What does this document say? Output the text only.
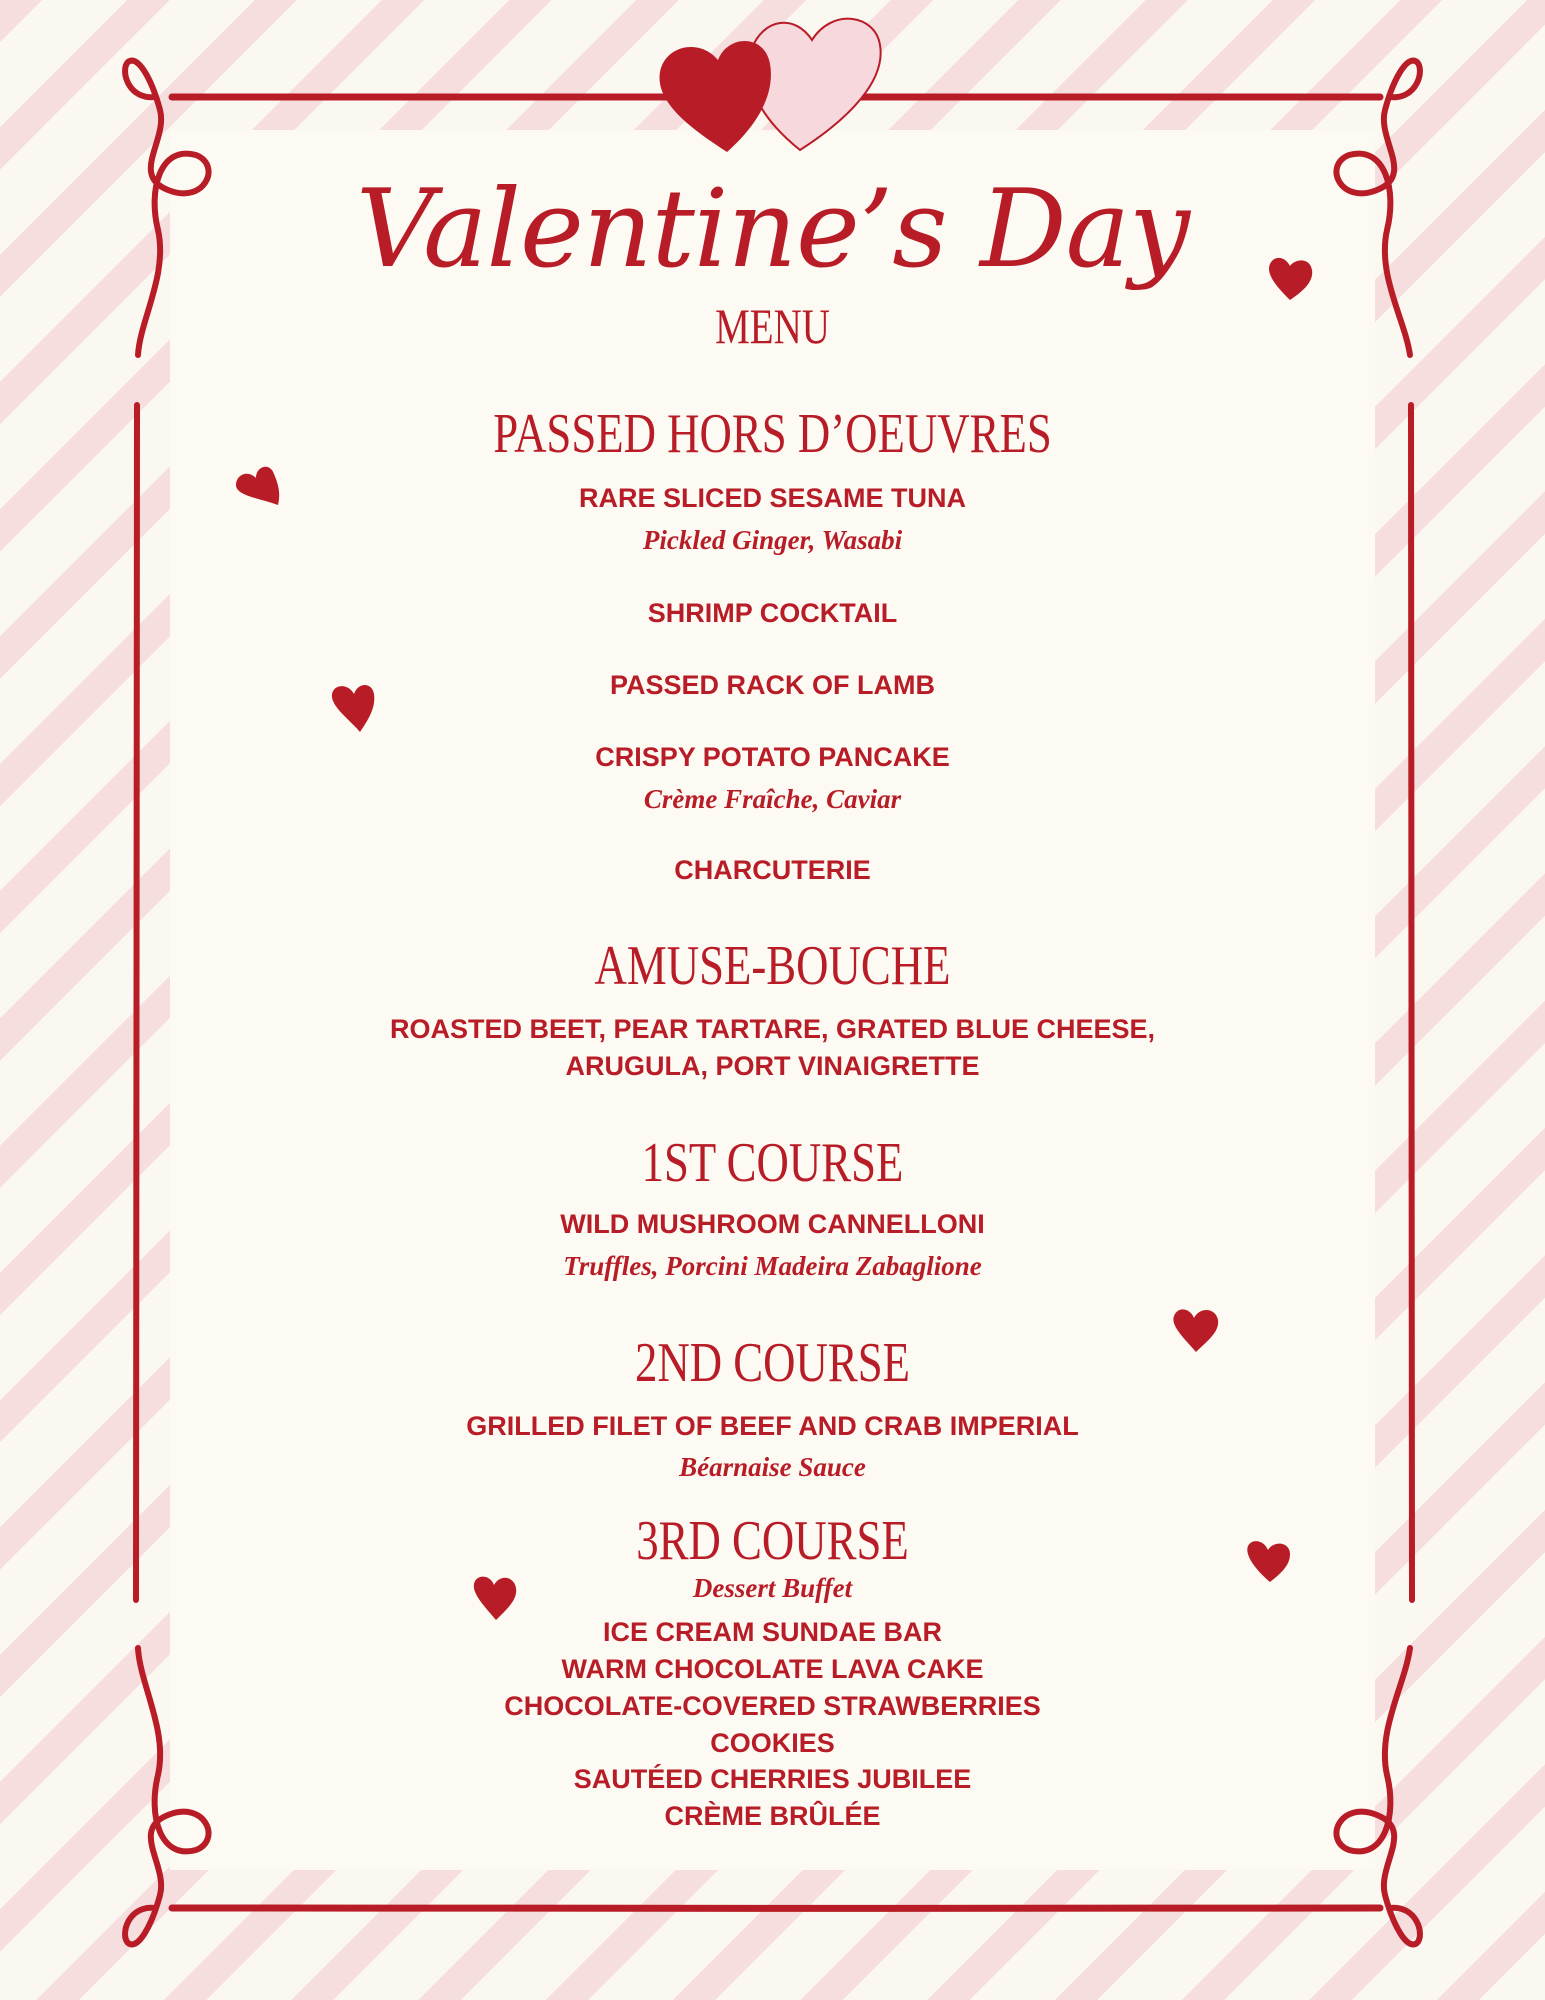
Valentine’s Day
MENU
PASSED HORS D’OEUVRES
RARE SLICED SESAME TUNA
Pickled Ginger, Wasabi
SHRIMP COCKTAIL
PASSED RACK OF LAMB
CRISPY POTATO PANCAKE
Crème Fraîche, Caviar
CHARCUTERIE
AMUSE-BOUCHE
ROASTED BEET, PEAR TARTARE, GRATED BLUE CHEESE,
ARUGULA, PORT VINAIGRETTE
1ST COURSE
WILD MUSHROOM CANNELLONI
Truffles, Porcini Madeira Zabaglione
2ND COURSE
GRILLED FILET OF BEEF AND CRAB IMPERIAL
Béarnaise Sauce
3RD COURSE
Dessert Buffet
ICE CREAM SUNDAE BAR
WARM CHOCOLATE LAVA CAKE
CHOCOLATE-COVERED STRAWBERRIES
COOKIES
SAUTÉED CHERRIES JUBILEE
CRÈME BRÛLÉE
